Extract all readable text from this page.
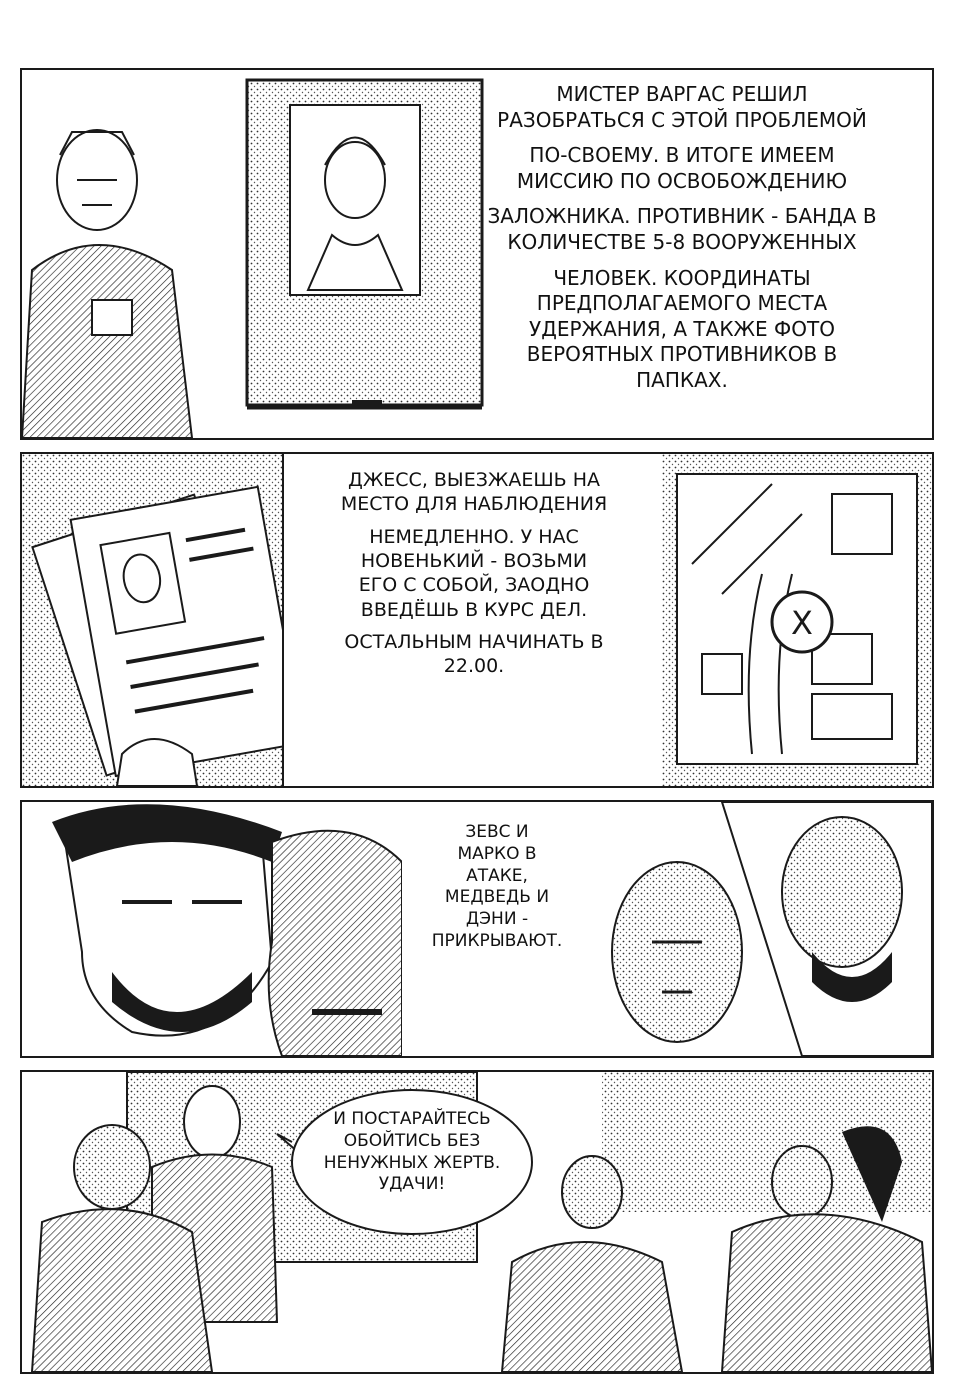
МИСТЕР ВАРГАС РЕШИЛ
РАЗОБРАТЬСЯ С ЭТОЙ ПРОБЛЕМОЙ
ПО-СВОЕМУ. В ИТОГЕ ИМЕЕМ
МИССИЮ ПО ОСВОБОЖДЕНИЮ
ЗАЛОЖНИКА. ПРОТИВНИК - БАНДА В
КОЛИЧЕСТВЕ 5-8 ВООРУЖЕННЫХ
ЧЕЛОВЕК. КООРДИНАТЫ
ПРЕДПОЛАГАЕМОГО МЕСТА
УДЕРЖАНИЯ, А ТАКЖЕ ФОТО
ВЕРОЯТНЫХ ПРОТИВНИКОВ В
ПАПКАХ.
ДЖЕСС, ВЫЕЗЖАЕШЬ НА
МЕСТО ДЛЯ НАБЛЮДЕНИЯ
НЕМЕДЛЕННО. У НАС
НОВЕНЬКИЙ - ВОЗЬМИ
ЕГО С СОБОЙ, ЗАОДНО
ВВЕДЁШЬ В КУРС ДЕЛ.
ОСТАЛЬНЫМ НАЧИНАТЬ В
22.00.
X
ЗЕВС И
МАРКО В
АТАКЕ,
МЕДВЕДЬ И
ДЭНИ -
ПРИКРЫВАЮТ.
И ПОСТАРАЙТЕСЬ
ОБОЙТИСЬ БЕЗ
НЕНУЖНЫХ ЖЕРТВ.
УДАЧИ!
